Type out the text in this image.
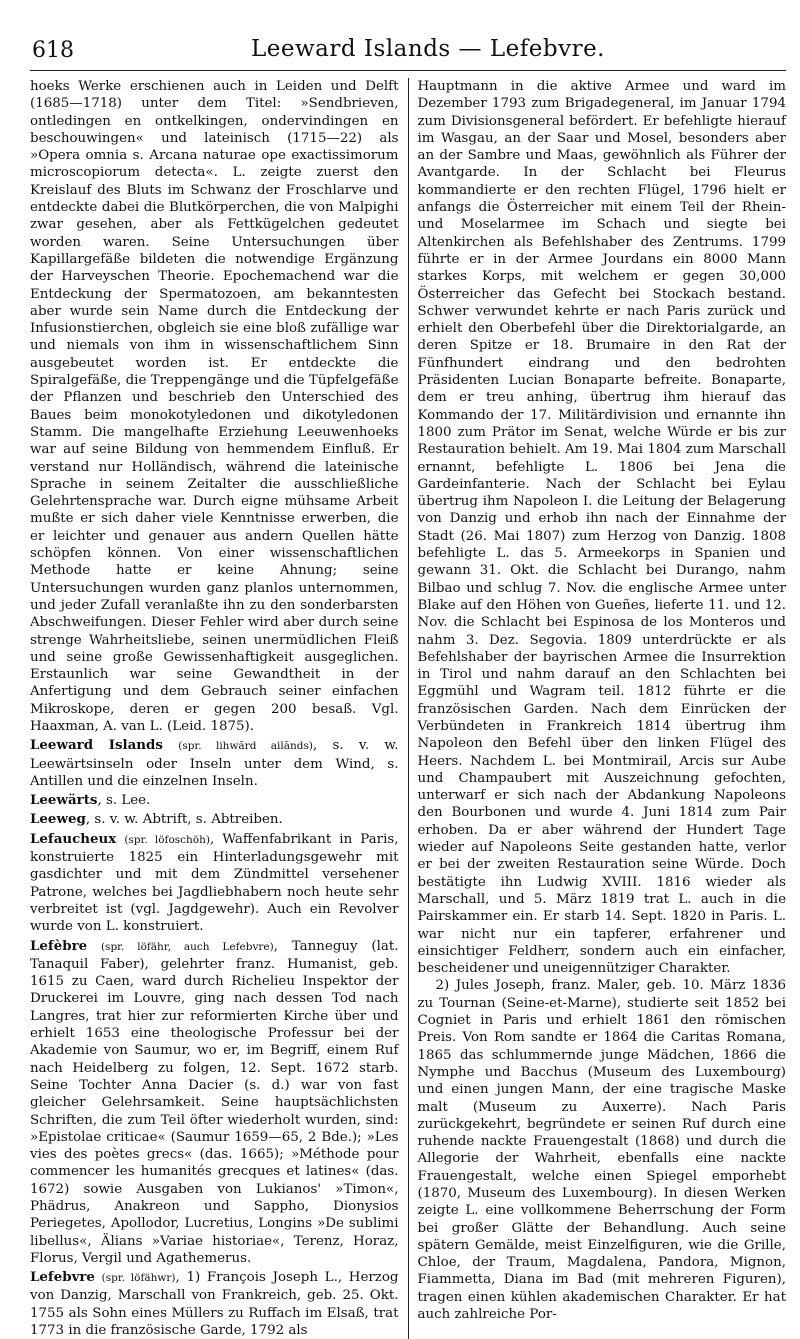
618	Leeward Islands — Lefebvre.

hoeks Werke erschienen auch in Leiden und Delft (1685—1718) unter dem Titel: »Sendbrieven, ontledingen en ontkelkingen, ondervindingen en beschouwingen« und lateinisch (1715—22) als »Opera omnia s. Arcana naturae ope exactissimorum microscopiorum detecta«. L. zeigte zuerst den Kreislauf des Bluts im Schwanz der Froschlarve und entdeckte dabei die Blutkörperchen, die von Malpighi zwar gesehen, aber als Fettkügelchen gedeutet worden waren. Seine Untersuchungen über Kapillargefäße bildeten die notwendige Ergänzung der Harveyschen Theorie. Epochemachend war die Entdeckung der Spermatozoen, am bekanntesten aber wurde sein Name durch die Entdeckung der Infusionstierchen, obgleich sie eine bloß zufällige war und niemals von ihm in wissenschaftlichem Sinn ausgebeutet worden ist. Er entdeckte die Spiralgefäße, die Treppengänge und die Tüpfelgefäße der Pflanzen und beschrieb den Unterschied des Baues beim monokotyledonen und dikotyledonen Stamm. Die mangelhafte Erziehung Leeuwenhoeks war auf seine Bildung von hemmendem Einfluß. Er verstand nur Holländisch, während die lateinische Sprache in seinem Zeitalter die ausschließliche Gelehrtensprache war. Durch eigne mühsame Arbeit mußte er sich daher viele Kenntnisse erwerben, die er leichter und genauer aus andern Quellen hätte schöpfen können. Von einer wissenschaftlichen Methode hatte er keine Ahnung; seine Untersuchungen wurden ganz planlos unternommen, und jeder Zufall veranlaßte ihn zu den sonderbarsten Abschweifungen. Dieser Fehler wird aber durch seine strenge Wahrheitsliebe, seinen unermüdlichen Fleiß und seine große Gewissenhaftigkeit ausgeglichen. Erstaunlich war seine Gewandtheit in der Anfertigung und dem Gebrauch seiner einfachen Mikroskope, deren er gegen 200 besaß. Vgl. Haaxman, A. van L. (Leid. 1875).

Leeward Islands (spr. lihwărd ailănds), s. v. w. Leewärtsinseln oder Inseln unter dem Wind, s. Antillen und die einzelnen Inseln.

Leewärts, s. Lee.

Leeweg, s. v. w. Abtrift, s. Abtreiben.

Lefaucheux (spr. löfoschöh), Waffenfabrikant in Paris, konstruierte 1825 ein Hinterladungsgewehr mit gasdichter und mit dem Zündmittel versehener Patrone, welches bei Jagdliebhabern noch heute sehr verbreitet ist (vgl. Jagdgewehr). Auch ein Revolver wurde von L. konstruiert.

Lefèbre (spr. löfähr, auch Lefebvre), Tanneguy (lat. Tanaquil Faber), gelehrter franz. Humanist, geb. 1615 zu Caen, ward durch Richelieu Inspektor der Druckerei im Louvre, ging nach dessen Tod nach Langres, trat hier zur reformierten Kirche über und erhielt 1653 eine theologische Professur bei der Akademie von Saumur, wo er, im Begriff, einem Ruf nach Heidelberg zu folgen, 12. Sept. 1672 starb. Seine Tochter Anna Dacier (s. d.) war von fast gleicher Gelehrsamkeit. Seine hauptsächlichsten Schriften, die zum Teil öfter wiederholt wurden, sind: »Epistolae criticae« (Saumur 1659—65, 2 Bde.); »Les vies des poètes grecs« (das. 1665); »Méthode pour commencer les humanités grecques et latines« (das. 1672) sowie Ausgaben von Lukianos' »Timon«, Phädrus, Anakreon und Sappho, Dionysios Periegetes, Apollodor, Lucretius, Longins »De sublimi libellus«, Älians »Variae historiae«, Terenz, Horaz, Florus, Vergil und Agathemerus.

Lefebvre (spr. löfähwr), 1) François Joseph L., Herzog von Danzig, Marschall von Frankreich, geb. 25. Okt. 1755 als Sohn eines Müllers zu Ruffach im Elsaß, trat 1773 in die französische Garde, 1792 als

Hauptmann in die aktive Armee und ward im Dezember 1793 zum Brigadegeneral, im Januar 1794 zum Divisionsgeneral befördert. Er befehligte hierauf im Wasgau, an der Saar und Mosel, besonders aber an der Sambre und Maas, gewöhnlich als Führer der Avantgarde. In der Schlacht bei Fleurus kommandierte er den rechten Flügel, 1796 hielt er anfangs die Österreicher mit einem Teil der Rhein- und Moselarmee im Schach und siegte bei Altenkirchen als Befehlshaber des Zentrums. 1799 führte er in der Armee Jourdans ein 8000 Mann starkes Korps, mit welchem er gegen 30,000 Österreicher das Gefecht bei Stockach bestand. Schwer verwundet kehrte er nach Paris zurück und erhielt den Oberbefehl über die Direktorialgarde, an deren Spitze er 18. Brumaire in den Rat der Fünfhundert eindrang und den bedrohten Präsidenten Lucian Bonaparte befreite. Bonaparte, dem er treu anhing, übertrug ihm hierauf das Kommando der 17. Militärdivision und ernannte ihn 1800 zum Prätor im Senat, welche Würde er bis zur Restauration behielt. Am 19. Mai 1804 zum Marschall ernannt, befehligte L. 1806 bei Jena die Gardeinfanterie. Nach der Schlacht bei Eylau übertrug ihm Napoleon I. die Leitung der Belagerung von Danzig und erhob ihn nach der Einnahme der Stadt (26. Mai 1807) zum Herzog von Danzig. 1808 befehligte L. das 5. Armeekorps in Spanien und gewann 31. Okt. die Schlacht bei Durango, nahm Bilbao und schlug 7. Nov. die englische Armee unter Blake auf den Höhen von Gueñes, lieferte 11. und 12. Nov. die Schlacht bei Espinosa de los Monteros und nahm 3. Dez. Segovia. 1809 unterdrückte er als Befehlshaber der bayrischen Armee die Insurrektion in Tirol und nahm darauf an den Schlachten bei Eggmühl und Wagram teil. 1812 führte er die französischen Garden. Nach dem Einrücken der Verbündeten in Frankreich 1814 übertrug ihm Napoleon den Befehl über den linken Flügel des Heers. Nachdem L. bei Montmirail, Arcis sur Aube und Champaubert mit Auszeichnung gefochten, unterwarf er sich nach der Abdankung Napoleons den Bourbonen und wurde 4. Juni 1814 zum Pair erhoben. Da er aber während der Hundert Tage wieder auf Napoleons Seite gestanden hatte, verlor er bei der zweiten Restauration seine Würde. Doch bestätigte ihn Ludwig XVIII. 1816 wieder als Marschall, und 5. März 1819 trat L. auch in die Pairskammer ein. Er starb 14. Sept. 1820 in Paris. L. war nicht nur ein tapferer, erfahrener und einsichtiger Feldherr, sondern auch ein einfacher, bescheidener und uneigennütziger Charakter.

2) Jules Joseph, franz. Maler, geb. 10. März 1836 zu Tournan (Seine-et-Marne), studierte seit 1852 bei Cogniet in Paris und erhielt 1861 den römischen Preis. Von Rom sandte er 1864 die Caritas Romana, 1865 das schlummernde junge Mädchen, 1866 die Nymphe und Bacchus (Museum des Luxembourg) und einen jungen Mann, der eine tragische Maske malt (Museum zu Auxerre). Nach Paris zurückgekehrt, begründete er seinen Ruf durch eine ruhende nackte Frauengestalt (1868) und durch die Allegorie der Wahrheit, ebenfalls eine nackte Frauengestalt, welche einen Spiegel emporhebt (1870, Museum des Luxembourg). In diesen Werken zeigte L. eine vollkommene Beherrschung der Form bei großer Glätte der Behandlung. Auch seine spätern Gemälde, meist Einzelfiguren, wie die Grille, Chloe, der Traum, Magdalena, Pandora, Mignon, Fiammetta, Diana im Bad (mit mehreren Figuren), tragen einen kühlen akademischen Charakter. Er hat auch zahlreiche Por-
